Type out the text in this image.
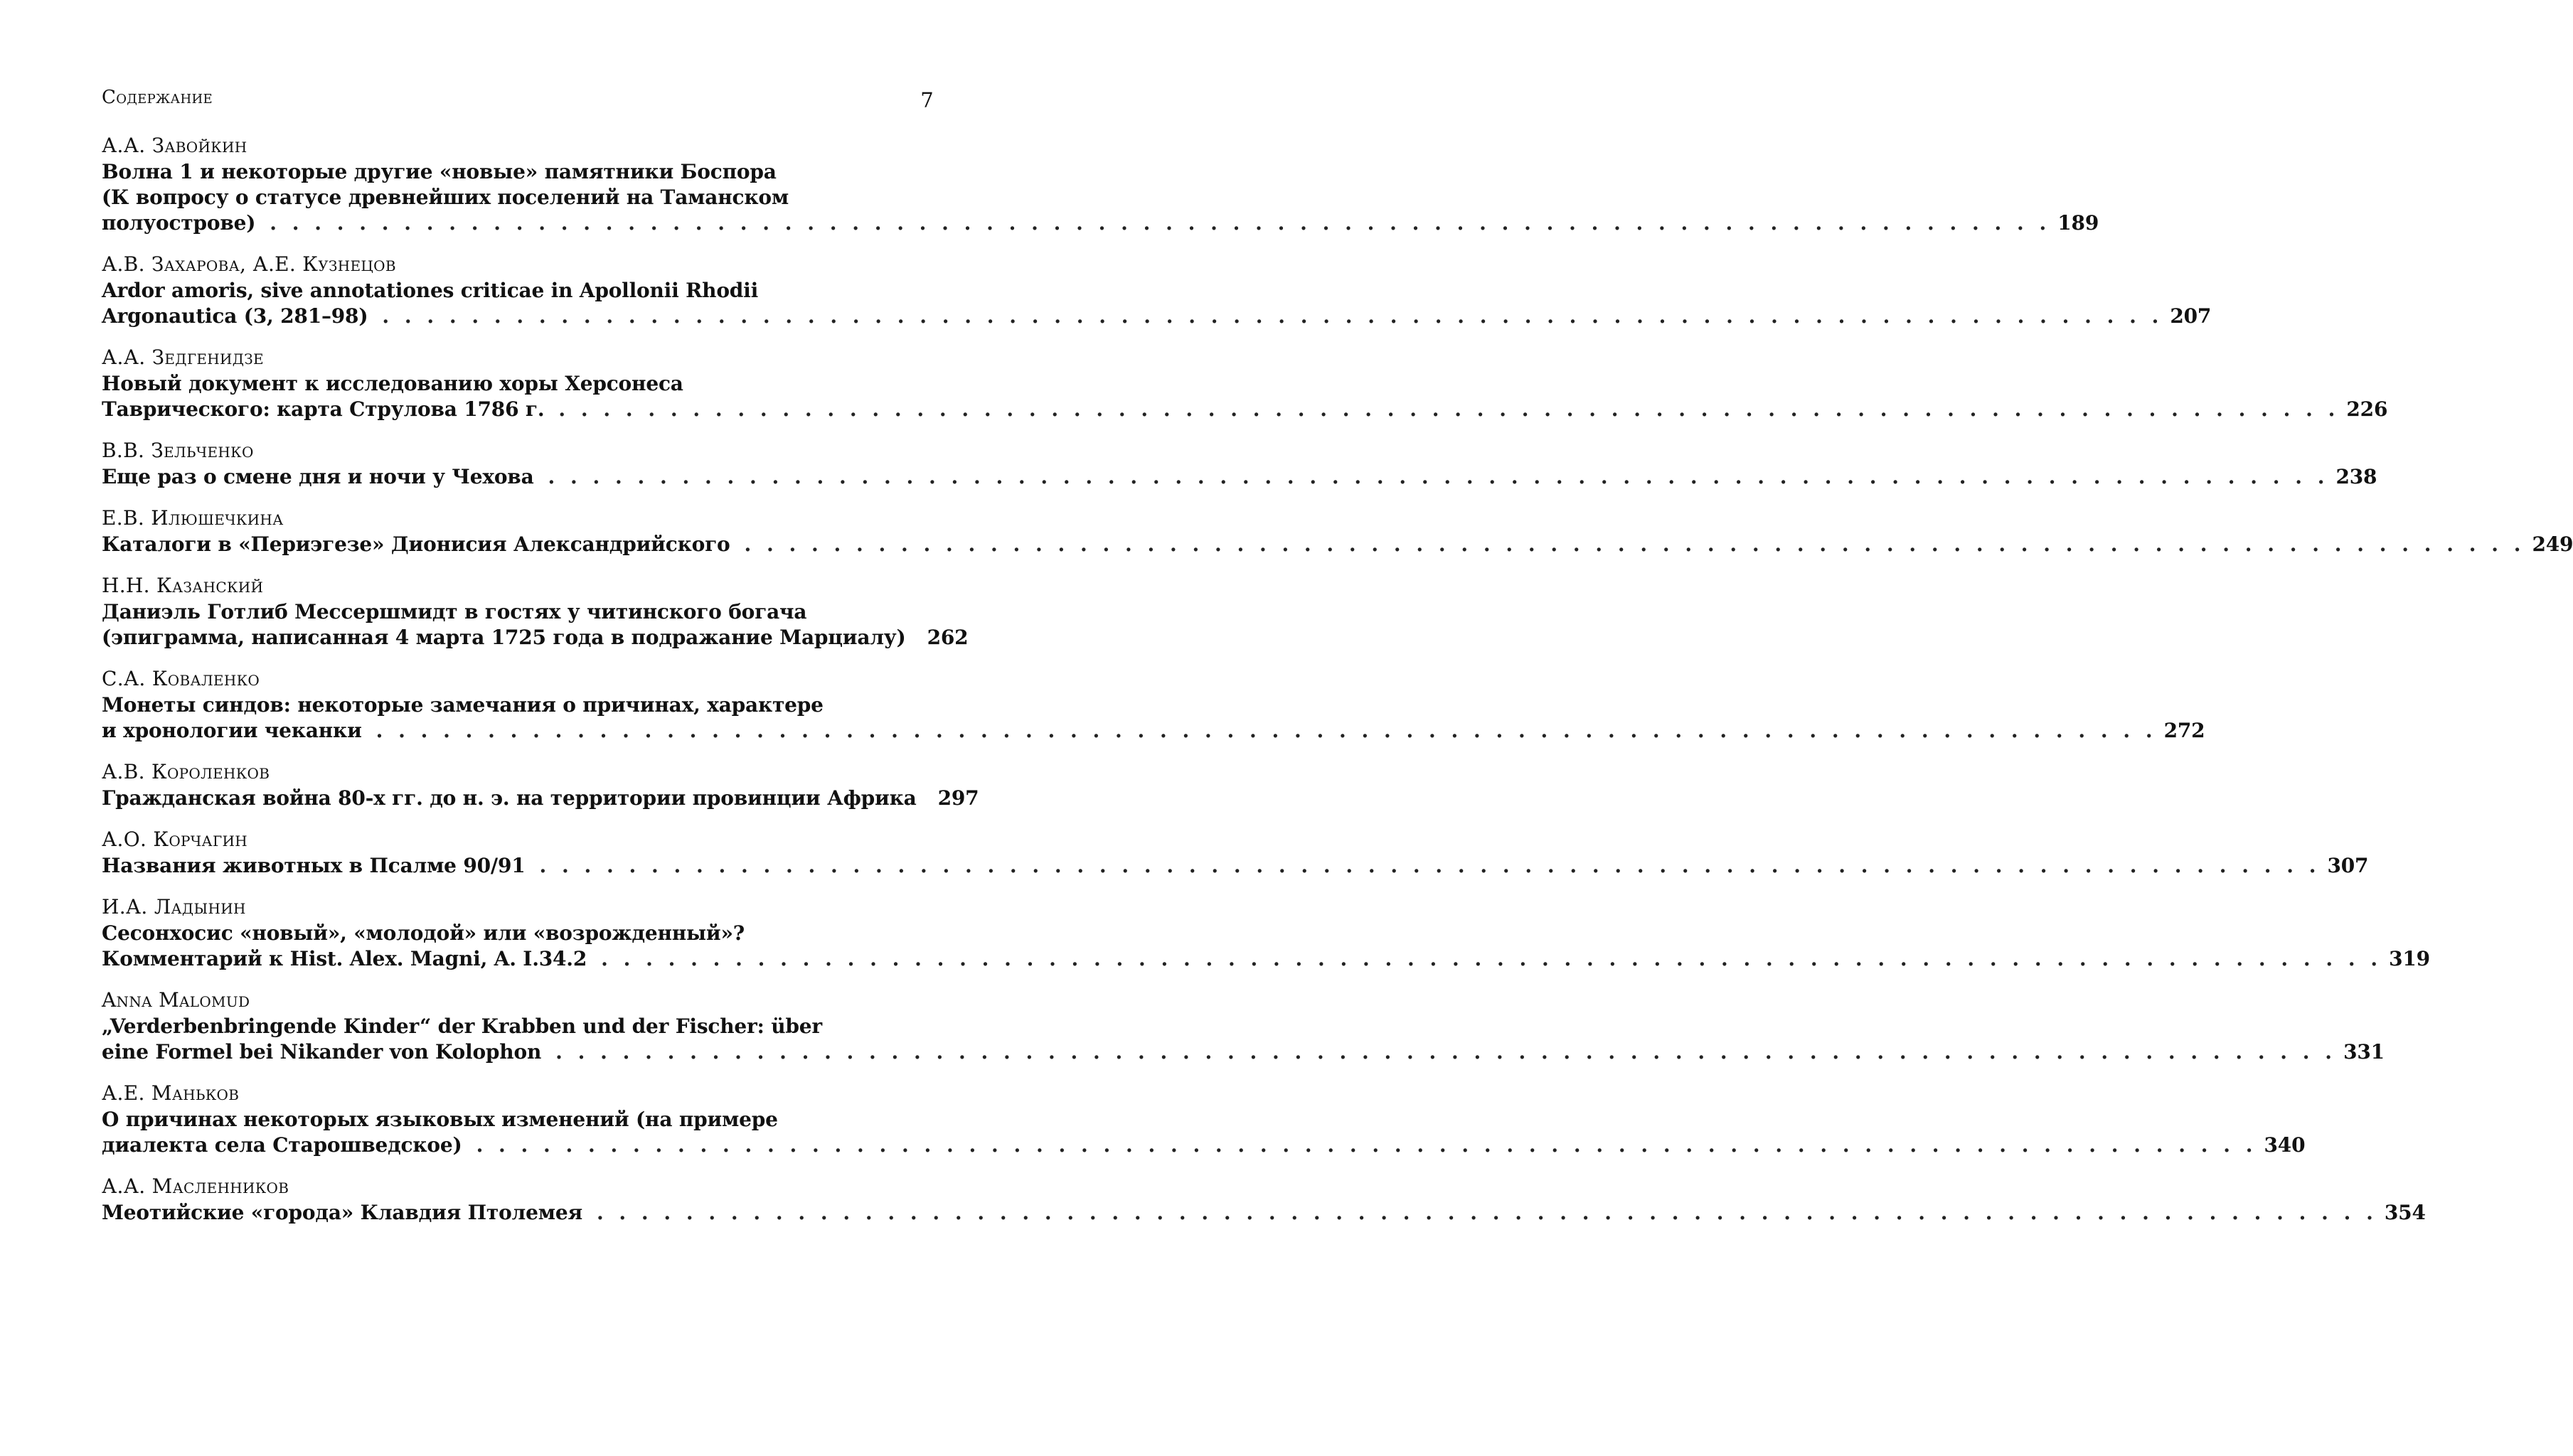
Содержание	7
А.А. Завойкин
Волна 1 и некоторые другие «новые» памятники Боспора
(К вопросу о статусе древнейших поселений на Таманском
полуострове) . . . . . . . . . . . . . . . . . . . . . . . . . . . . . . . . . . . . . . . . . . . . . . . . . . . . . . . . . . . . . . . . . . . . . . . . . . . . . . . . 189
А.В. Захарова, А.Е. Кузнецов
Ardor amoris, sive annotationes criticae in Apollonii Rhodii
Argonautica (3, 281–98) . . . . . . . . . . . . . . . . . . . . . . . . . . . . . . . . . . . . . . . . . . . . . . . . . . . . . . . . . . . . . . . . . . . . . . . . . . . . . . . . 207
А.А. Зедгенидзе
Новый документ к исследованию хоры Херсонеса
Таврического: карта Струлова 1786 г. . . . . . . . . . . . . . . . . . . . . . . . . . . . . . . . . . . . . . . . . . . . . . . . . . . . . . . . . . . . . . . . . . . . . . . . . . . . . . . . . 226
В.В. Зельченко
Еще раз о смене дня и ночи у Чехова . . . . . . . . . . . . . . . . . . . . . . . . . . . . . . . . . . . . . . . . . . . . . . . . . . . . . . . . . . . . . . . . . . . . . . . . . . . . . . . . 238
Е.В. Илюшечкина
Каталоги в «Периэгезе» Дионисия Александрийского . . . . . . . . . . . . . . . . . . . . . . . . . . . . . . . . . . . . . . . . . . . . . . . . . . . . . . . . . . . . . . . . . . . . . . . . . . . . . . . . 249
Н.Н. Казанский
Даниэль Готлиб Мессершмидт в гостях у читинского богача
(эпиграмма, написанная 4 марта 1725 года в подражание Марциалу) 262
С.А. Коваленко
Монеты синдов: некоторые замечания о причинах, характере
и хронологии чеканки . . . . . . . . . . . . . . . . . . . . . . . . . . . . . . . . . . . . . . . . . . . . . . . . . . . . . . . . . . . . . . . . . . . . . . . . . . . . . . . . 272
А.В. Короленков
Гражданская война 80-х гг. до н. э. на территории провинции Африка 297
А.О. Корчагин
Названия животных в Псалме 90/91 . . . . . . . . . . . . . . . . . . . . . . . . . . . . . . . . . . . . . . . . . . . . . . . . . . . . . . . . . . . . . . . . . . . . . . . . . . . . . . . . 307
И.А. Ладынин
Сесонхосис «новый», «молодой» или «возрожденный»?
Комментарий к Hist. Alex. Magni, A. I.34.2 . . . . . . . . . . . . . . . . . . . . . . . . . . . . . . . . . . . . . . . . . . . . . . . . . . . . . . . . . . . . . . . . . . . . . . . . . . . . . . . . 319
Anna Malomud
„Verderbenbringende Kinder“ der Krabben und der Fischer: über
eine Formel bei Nikander von Kolophon . . . . . . . . . . . . . . . . . . . . . . . . . . . . . . . . . . . . . . . . . . . . . . . . . . . . . . . . . . . . . . . . . . . . . . . . . . . . . . . . 331
А.Е. Маньков
О причинах некоторых языковых изменений (на примере
диалекта села Старошведское) . . . . . . . . . . . . . . . . . . . . . . . . . . . . . . . . . . . . . . . . . . . . . . . . . . . . . . . . . . . . . . . . . . . . . . . . . . . . . . . . 340
А.А. Масленников
Меотийские «города» Клавдия Птолемея . . . . . . . . . . . . . . . . . . . . . . . . . . . . . . . . . . . . . . . . . . . . . . . . . . . . . . . . . . . . . . . . . . . . . . . . . . . . . . . . 354
